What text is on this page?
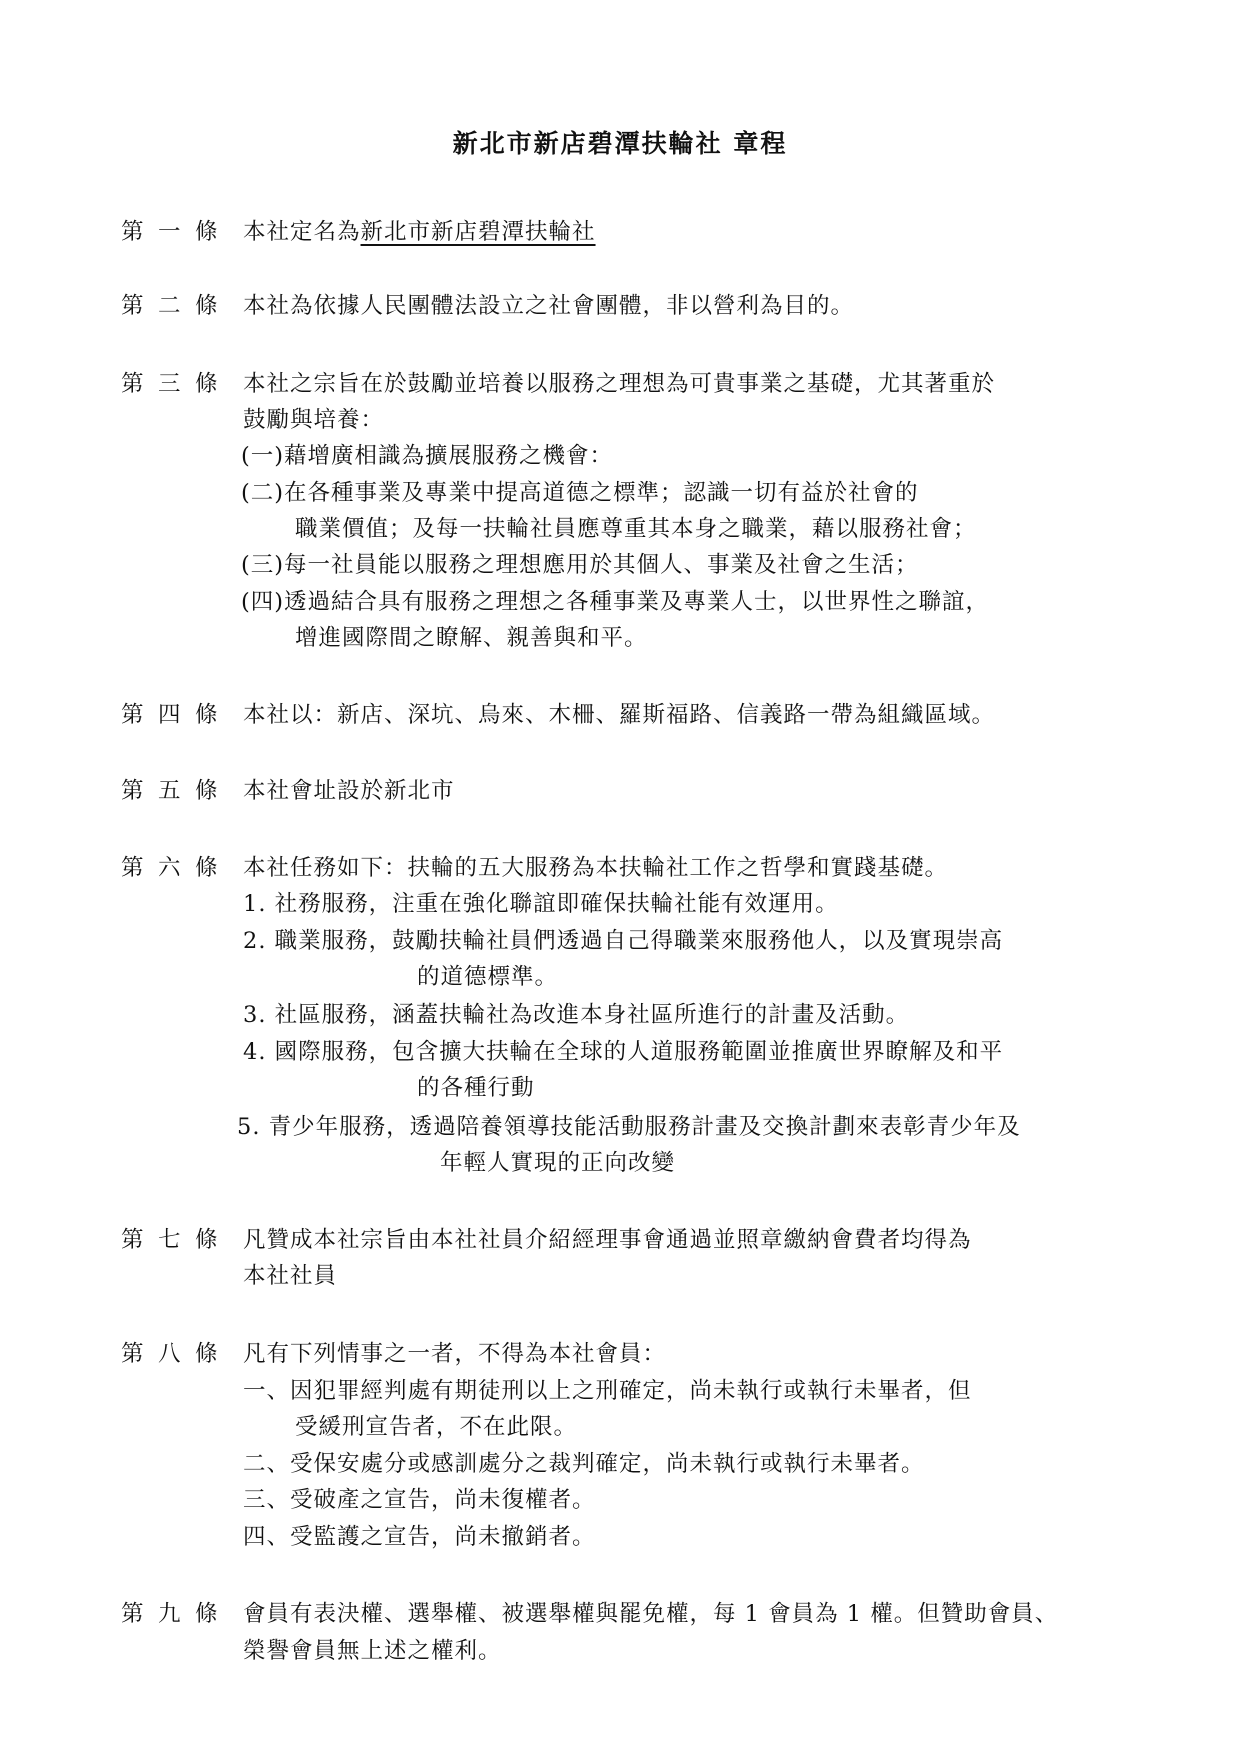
新北市新店碧潭扶輪社 章程
第 一 條	本社定名為新北市新店碧潭扶輪社
第 二 條	本社為依據人民團體法設立之社會團體，非以營利為目的。
第 三 條	本社之宗旨在於鼓勵並培養以服務之理想為可貴事業之基礎，尤其著重於
鼓勵與培養：
(一)藉增廣相識為擴展服務之機會：
(二)在各種事業及專業中提高道德之標準；認識一切有益於社會的
職業價值；及每一扶輪社員應尊重其本身之職業，藉以服務社會；
(三)每一社員能以服務之理想應用於其個人、事業及社會之生活；
(四)透過結合具有服務之理想之各種事業及專業人士，以世界性之聯誼，
增進國際間之瞭解、親善與和平。
第 四 條	本社以：新店、深坑、烏來、木柵、羅斯福路、信義路一帶為組織區域。
第 五 條	本社會址設於新北市
第 六 條	本社任務如下：扶輪的五大服務為本扶輪社工作之哲學和實踐基礎。
1. 社務服務，注重在強化聯誼即確保扶輪社能有效運用。
2. 職業服務，鼓勵扶輪社員們透過自己得職業來服務他人，以及實現崇高
的道德標準。
3. 社區服務，涵蓋扶輪社為改進本身社區所進行的計畫及活動。
4. 國際服務，包含擴大扶輪在全球的人道服務範圍並推廣世界瞭解及和平
的各種行動
5. 青少年服務，透過陪養領導技能活動服務計畫及交換計劃來表彰青少年及
年輕人實現的正向改變
第 七 條	凡贊成本社宗旨由本社社員介紹經理事會通過並照章繳納會費者均得為
本社社員
第 八 條	凡有下列情事之一者，不得為本社會員：
一、因犯罪經判處有期徒刑以上之刑確定，尚未執行或執行未畢者，但
受緩刑宣告者，不在此限。
二、受保安處分或感訓處分之裁判確定，尚未執行或執行未畢者。
三、受破產之宣告，尚未復權者。
四、受監護之宣告，尚未撤銷者。
第 九 條	會員有表決權、選舉權、被選舉權與罷免權，每 1 會員為 1 權。但贊助會員、
榮譽會員無上述之權利。
